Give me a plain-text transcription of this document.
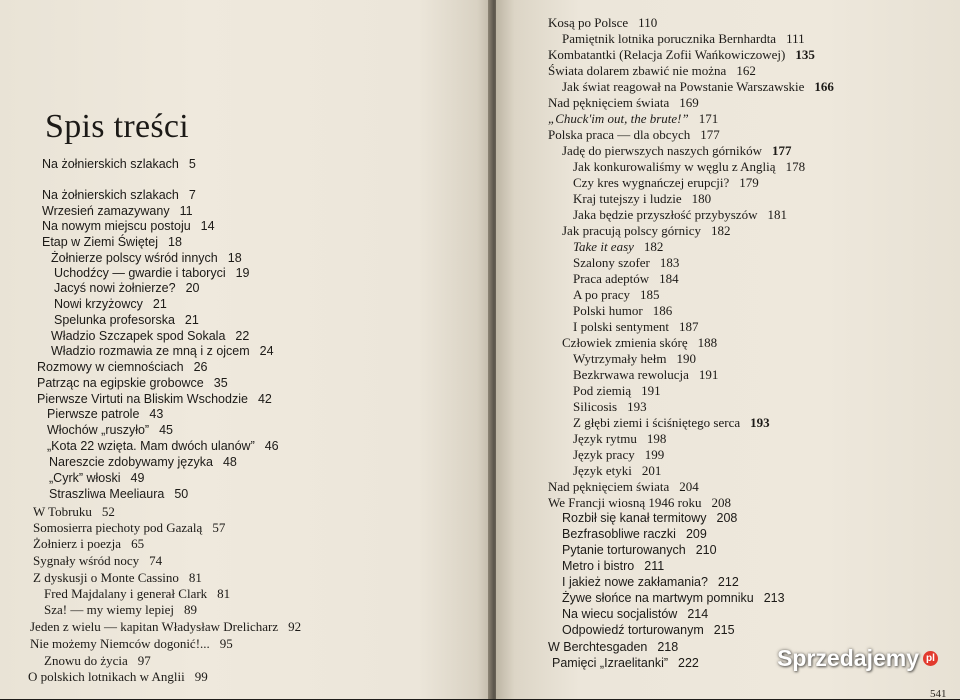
Spis treści
Na żołnierskich szlakach 5
Na żołnierskich szlakach 7
Wrzesień zamazywany 11
Na nowym miejscu postoju 14
Etap w Ziemi Świętej 18
Żołnierze polscy wśród innych 18
Uchodźcy — gwardie i taboryci 19
Jacyś nowi żołnierze? 20
Nowi krzyżowcy 21
Spelunka profesorska 21
Władzio Szczapek spod Sokala 22
Władzio rozmawia ze mną i z ojcem 24
Rozmowy w ciemnościach 26
Patrząc na egipskie grobowce 35
Pierwsze Virtuti na Bliskim Wschodzie 42
Pierwsze patrole 43
Włochów „ruszyło” 45
„Kota 22 wzięta. Mam dwóch ulanów” 46
Nareszcie zdobywamy języka 48
„Cyrk” włoski 49
Straszliwa Meeliaura 50
W Tobruku 52
Somosierra piechoty pod Gazalą 57
Żołnierz i poezja 65
Sygnały wśród nocy 74
Z dyskusji o Monte Cassino 81
Fred Majdalany i generał Clark 81
Sza! — my wiemy lepiej 89
Jeden z wielu — kapitan Władysław Drelicharz 92
Nie możemy Niemców dogonić!... 95
Znowu do życia 97
O polskich lotnikach w Anglii 99
Kosą po Polsce 110
Pamiętnik lotnika porucznika Bernhardta 111
Kombatantki (Relacja Zofii Wańkowiczowej) 135
Świata dolarem zbawić nie można 162
Jak świat reagował na Powstanie Warszawskie 166
Nad pęknięciem świata 169
„Chuck'im out, the brute!” 171
Polska praca — dla obcych 177
Jadę do pierwszych naszych górników 177
Jak konkurowaliśmy w węglu z Anglią 178
Czy kres wygnańczej erupcji? 179
Kraj tutejszy i ludzie 180
Jaka będzie przyszłość przybyszów 181
Jak pracują polscy górnicy 182
Take it easy 182
Szalony szofer 183
Praca adeptów 184
A po pracy 185
Polski humor 186
I polski sentyment 187
Człowiek zmienia skórę 188
Wytrzymały hełm 190
Bezkrwawa rewolucja 191
Pod ziemią 191
Silicosis 193
Z głębi ziemi i ściśniętego serca 193
Język rytmu 198
Język pracy 199
Język etyki 201
Nad pęknięciem świata 204
We Francji wiosną 1946 roku 208
Rozbił się kanał termitowy 208
Bezfrasobliwe raczki 209
Pytanie torturowanych 210
Metro i bistro 211
I jakież nowe zakłamania? 212
Żywe słońce na martwym pomniku 213
Na wiecu socjalistów 214
Odpowiedź torturowanym 215
W Berchtesgaden 218
Pamięci „Izraelitanki” 222	Sprzedajemy pl
541
